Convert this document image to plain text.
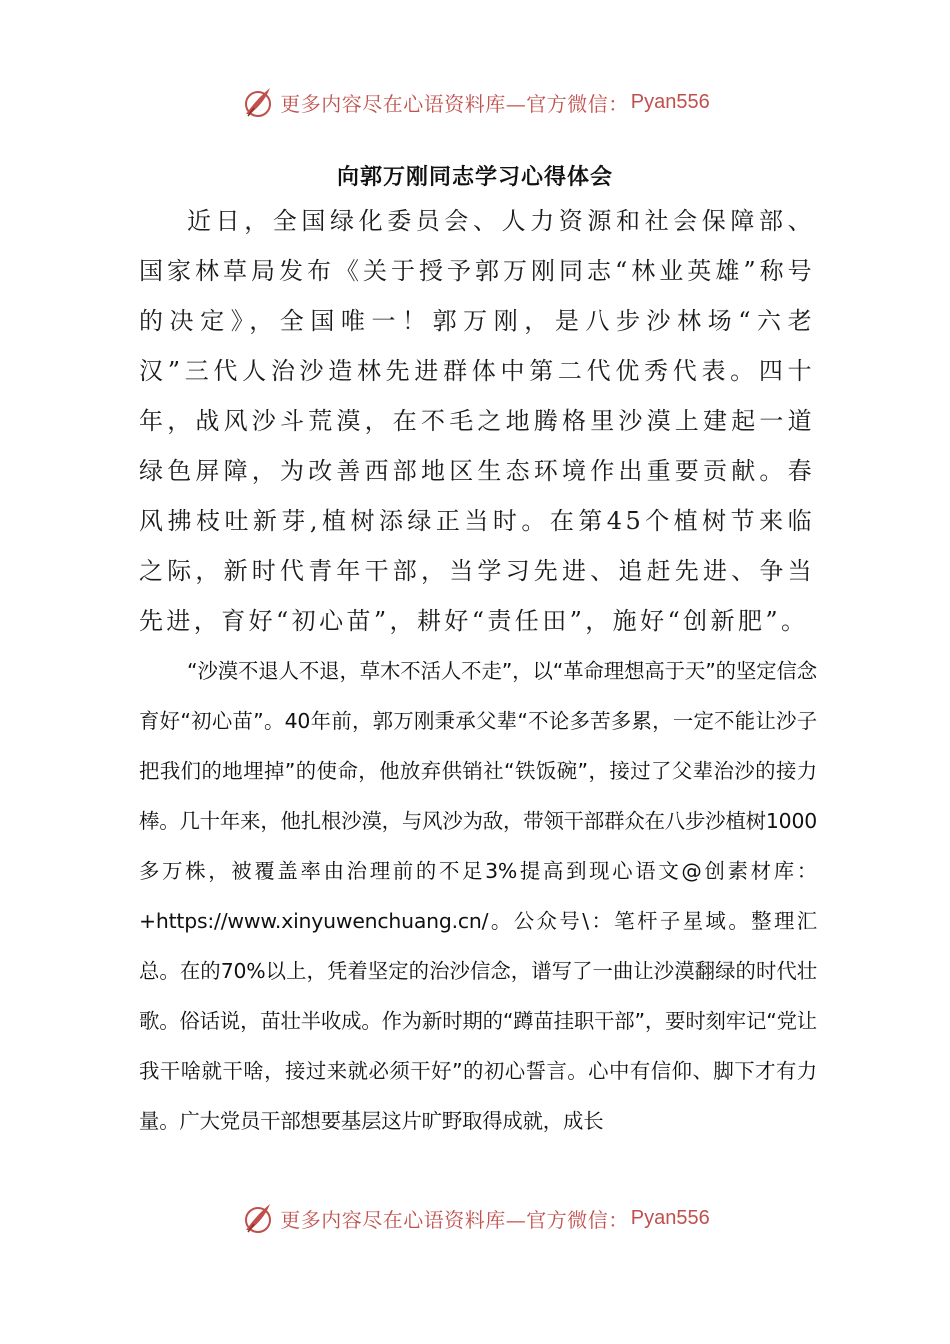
更多内容尽在心语资料库—官方微信： Pyan556
向郭万刚同志学习心得体会

近日，全国绿化委员会、人力资源和社会保障部、国家林草局发布《关于授予郭万刚同志“林业英雄”称号的决定》，全国唯一！郭万刚，是八步沙林场“六老汉”三代人治沙造林先进群体中第二代优秀代表。四十年，战风沙斗荒漠，在不毛之地腾格里沙漠上建起一道绿色屏障，为改善西部地区生态环境作出重要贡献。春风拂枝吐新芽,植树添绿正当时。在第45个植树节来临之际，新时代青年干部，当学习先进、追赶先进、争当先进，育好“初心苗”，耕好“责任田”，施好“创新肥”。

“沙漠不退人不退，草木不活人不走”，以“革命理想高于天”的坚定信念育好“初心苗”。40年前，郭万刚秉承父辈“不论多苦多累，一定不能让沙子把我们的地埋掉”的使命，他放弃供销社“铁饭碗”，接过了父辈治沙的接力棒。几十年来，他扎根沙漠，与风沙为敌，带领干部群众在八步沙植树1000多万株，被覆盖率由治理前的不足3%提高到现心语文@创素材库：+https://www.xinyuwenchuang.cn/。公众号\：笔杆子星域。整理汇总。在的70%以上，凭着坚定的治沙信念，谱写了一曲让沙漠翻绿的时代壮歌。俗话说，苗壮半收成。作为新时期的“蹲苗挂职干部”，要时刻牢记“党让我干啥就干啥，接过来就必须干好”的初心誓言。心中有信仰、脚下才有力量。广大党员干部想要基层这片旷野取得成就，成长

更多内容尽在心语资料库—官方微信： Pyan556
